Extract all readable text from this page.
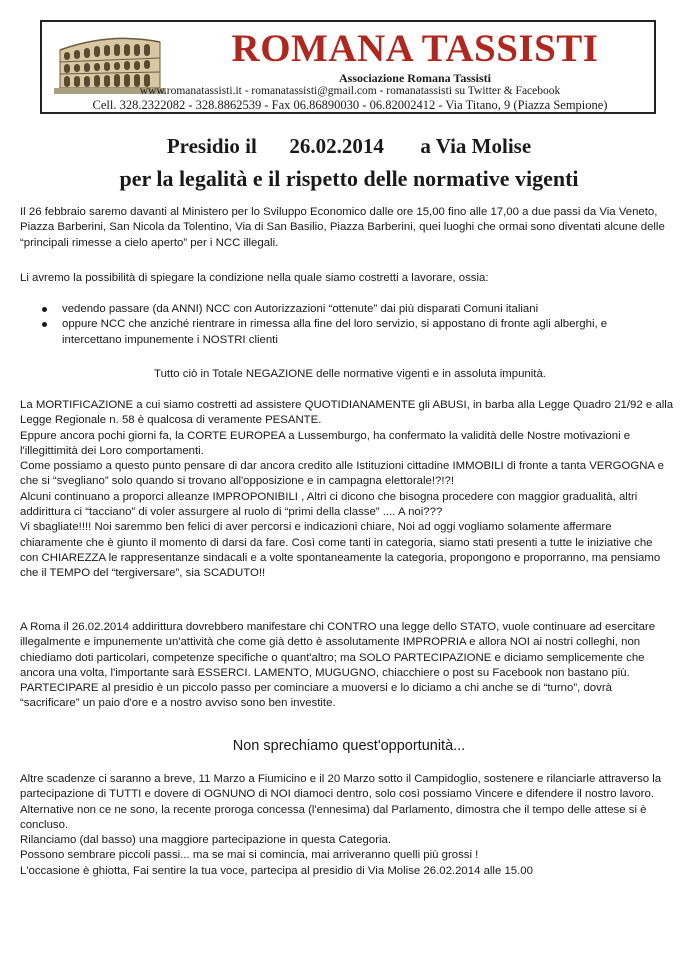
ROMANA TASSISTI
Associazione Romana Tassisti
www.romanatassisti.it - romanatassisti@gmail.com - romanatassisti su Twitter & Facebook
Cell. 328.2322082 - 328.8862539 - Fax 06.86890030 - 06.82002412 - Via Titano, 9 (Piazza Sempione)
Presidio il 26.02.2014 a Via Molise
per la legalità e il rispetto delle normative vigenti

Il 26 febbraio saremo davanti al Ministero per lo Sviluppo Economico dalle ore 15,00 fino alle 17,00 a due passi da Via Veneto,

Piazza Barberini, San Nicola da Tolentino, Via di San Basilio, Piazza Barberini, quei luoghi che ormai sono diventati alcune delle

“principali rimesse a cielo aperto” per i NCC illegali.

Li avremo la possibilità di spiegare la condizione nella quale siamo costretti a lavorare, ossia:

vedendo passare (da ANNI) NCC con Autorizzazioni “ottenute” dai più disparati Comuni italiani
oppure NCC che anziché rientrare in rimessa alla fine del loro servizio, si appostano di fronte agli alberghi, e
intercettano impunemente i NOSTRI clienti

Tutto ciò in Totale NEGAZIONE delle normative vigenti e in assoluta impunità.

La MORTIFICAZIONE a cui siamo costretti ad assistere QUOTIDIANAMENTE gli ABUSI, in barba alla Legge Quadro 21/92 e alla

Legge Regionale n. 58 è qualcosa di veramente PESANTE.

Eppure ancora pochi giorni fa, la CORTE EUROPEA a Lussemburgo, ha confermato la validità delle Nostre motivazioni e

l'illegittimità dei Loro comportamenti.

Come possiamo a questo punto pensare di dar ancora credito alle Istituzioni cittadine IMMOBILI di fronte a tanta VERGOGNA e

che si “svegliano” solo quando si trovano all'opposizione e in campagna elettorale!?!?!

Alcuni continuano a proporci alleanze IMPROPONIBILI , Altri ci dicono che bisogna procedere con maggior gradualità, altri

addirittura ci “tacciano” di voler assurgere al ruolo di “primi della classe” .... A noi???

Vi sbagliate!!!! Noi saremmo ben felici di aver percorsi e indicazioni chiare, Noi ad oggi vogliamo solamente affermare

chiaramente che è giunto il momento di darsi da fare. Così come tanti in categoria, siamo stati presenti a tutte le iniziative che

con CHIAREZZA le rappresentanze sindacali e a volte spontaneamente la categoria, propongono e proporranno, ma pensiamo

che il TEMPO del “tergiversare”, sia SCADUTO!!

A Roma il 26.02.2014 addirittura dovrebbero manifestare chi CONTRO una legge dello STATO, vuole continuare ad esercitare

illegalmente e impunemente un'attività che come già detto è assolutamente IMPROPRIA e allora NOI ai nostri colleghi, non

chiediamo doti particolari, competenze specifiche o quant'altro; ma SOLO PARTECIPAZIONE e diciamo semplicemente che

ancora una volta, l'importante sarà ESSERCI. LAMENTO, MUGUGNO, chiacchiere o post su Facebook non bastano più.

PARTECIPARE al presidio è un piccolo passo per cominciare a muoversi e lo diciamo a chi anche se di “turno”, dovrà

“sacrificare” un paio d'ore e a nostro avviso sono ben investite.

Non sprechiamo quest'opportunità...

Altre scadenze ci saranno a breve, 11 Marzo a Fiumicino e il 20 Marzo sotto il Campidoglio, sostenere e rilanciarle attraverso la

partecipazione di TUTTI e dovere di OGNUNO di NOI diamoci dentro, solo così possiamo Vincere e difendere il nostro lavoro.

Alternative non ce ne sono, la recente proroga concessa (l'ennesima) dal Parlamento, dimostra che il tempo delle attese si è

concluso.

Rilanciamo (dal basso) una maggiore partecipazione in questa Categoria.

Possono sembrare piccoli passi... ma se mai si comincia, mai arriveranno quelli più grossi !

L'occasione è ghiotta, Fai sentire la tua voce, partecipa al presidio di Via Molise 26.02.2014 alle 15.00
